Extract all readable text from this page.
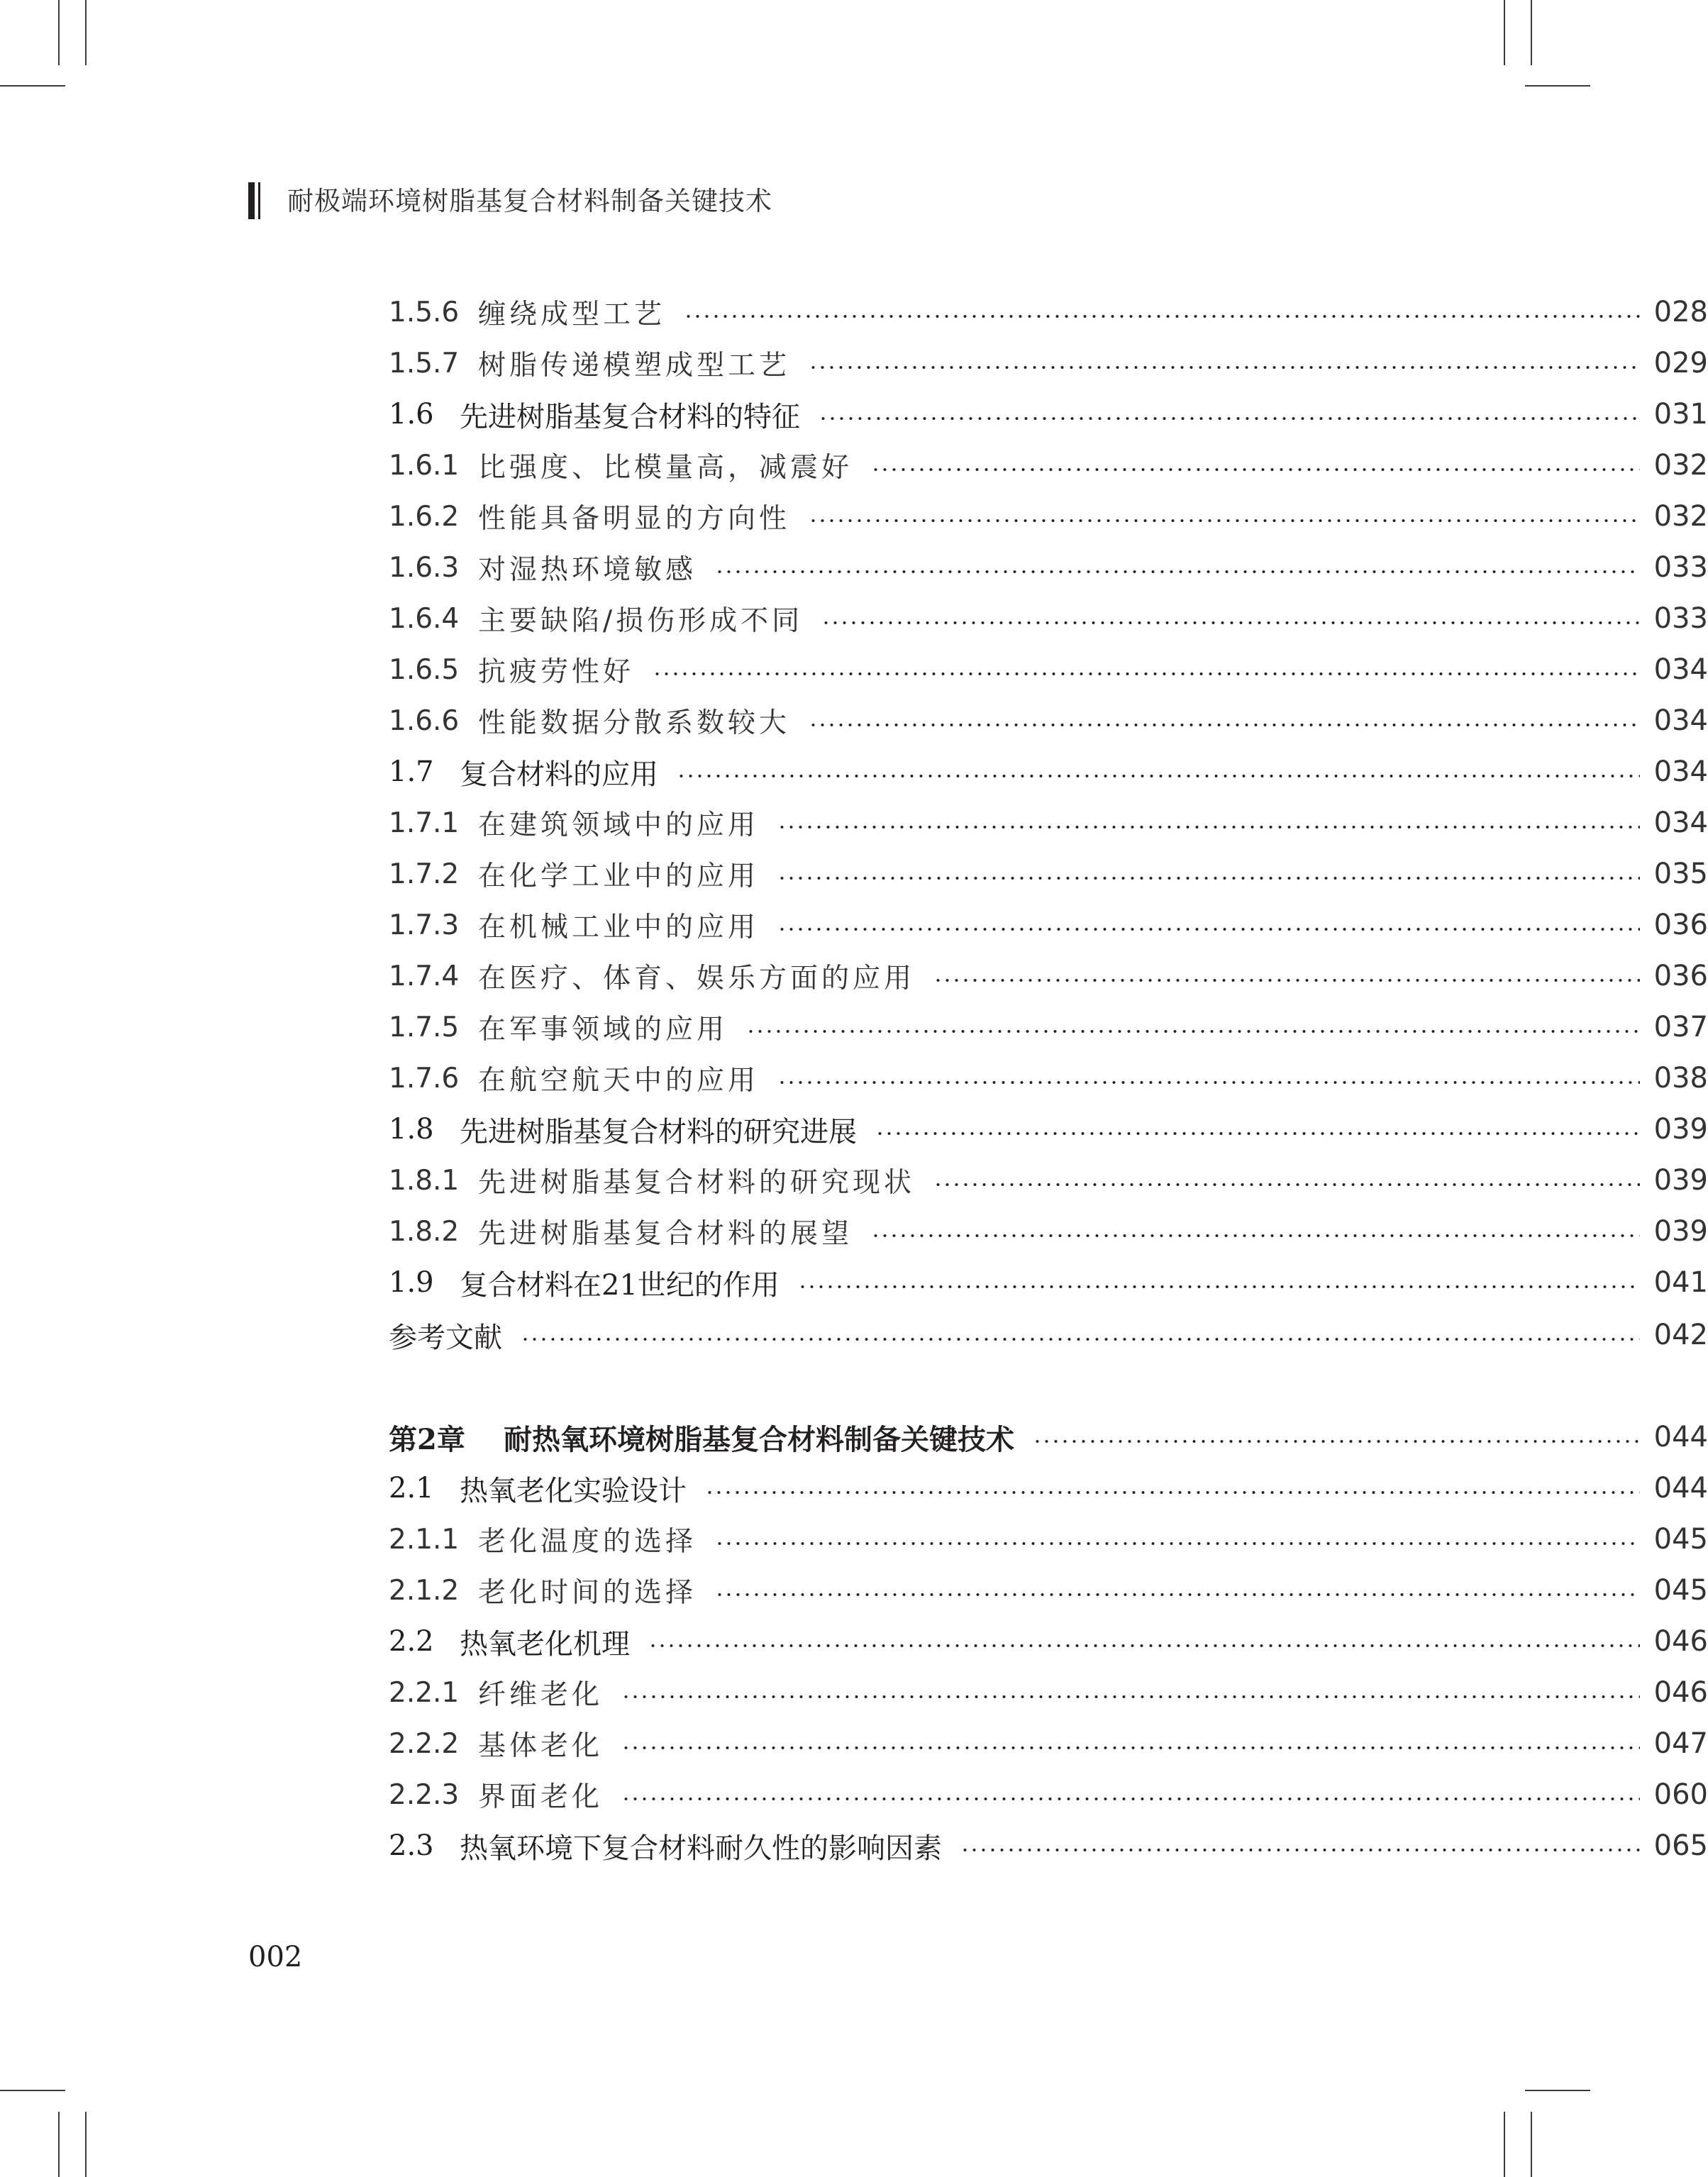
耐极端环境树脂基复合材料制备关键技术
1.5.6 缠绕成型工艺	028
1.5.7 树脂传递模塑成型工艺	029
1.6 先进树脂基复合材料的特征	031
1.6.1 比强度、比模量高，减震好	032
1.6.2 性能具备明显的方向性	032
1.6.3 对湿热环境敏感	033
1.6.4 主要缺陷/损伤形成不同	033
1.6.5 抗疲劳性好	034
1.6.6 性能数据分散系数较大	034
1.7 复合材料的应用	034
1.7.1 在建筑领域中的应用	034
1.7.2 在化学工业中的应用	035
1.7.3 在机械工业中的应用	036
1.7.4 在医疗、体育、娱乐方面的应用	036
1.7.5 在军事领域的应用	037
1.7.6 在航空航天中的应用	038
1.8 先进树脂基复合材料的研究进展	039
1.8.1 先进树脂基复合材料的研究现状	039
1.8.2 先进树脂基复合材料的展望	039
1.9 复合材料在21世纪的作用	041
参考文献	042
第2章	耐热氧环境树脂基复合材料制备关键技术	044
2.1 热氧老化实验设计	044
2.1.1 老化温度的选择	045
2.1.2 老化时间的选择	045
2.2 热氧老化机理	046
2.2.1 纤维老化	046
2.2.2 基体老化	047
2.2.3 界面老化	060
2.3 热氧环境下复合材料耐久性的影响因素	065
002
